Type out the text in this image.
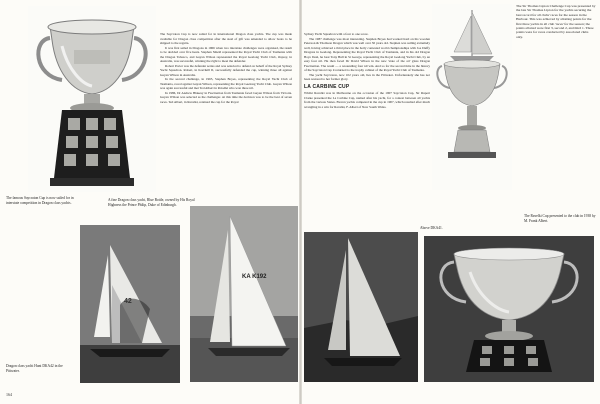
The Saycraton Cup is now sailed for in international Dragon class yachts. The cup was made available for Dragon class competition after the steel of gift was amended to allow boats to be shipped to the regatta.

It was first sailed in Dragons in 1966 when two interstate challenges were organised, the result to be decided over five heats. Stephen Shield represented the Royal Yacht Club of Tasmania with the Dragon Tabasco, and Guyan Wilson represented the Royal Geelong Yacht Club, Osprey, in Australia, was successful, winning the right to meet the defender.

Robert Porter was the defender series and was selected to defend on behalf of the Royal Sydney Yacht Squadron. Robert, in Korrikill II, successfully defended the cup, winning three all against Guyan Wilson in Australia.

In the second challenge, in 1965, Stephen Boyes, representing the Royal Yacht Club of Tasmania, raced against Guyan Wilson, representing the Royal Geelong Yacht Club. Guyan Wilson was again successful and met Ted Albert in Ravelki who won three nil.

In 1986, Dr Andrew Blakesy in Fascination from Tasmania faced Guyan Wilson from Victoria. Guyan Wilson was selected as the challenger. At this time the decision was to be the best of seven races. Ted Albert, in Ravelki, retained the cup for the Royal

The famous Saycraton Cup is now sailed for in interstate competition in Dragon class yachts.
A fine Dragon class yacht, Blue Bottle, owned by His Royal Highness the Prince Philip, Duke of Edinburgh.
42
KA K192
Dragon class yacht Hunt DKA42 in the Pittwater.
164

Sydney Yacht Squadron with a four to one score.

The 1987 challenge was most interesting. Stephen Boyes had worked hard on his wooden Peterson & Thomson Dragon which was well over 30 years old. Stephen was sailing extremely well, having achieved a third place in the hotly contested world championships with Joe Duffy Dragons in Geelong. Representing the Royal Yacht Club of Tasmania, and in his old Dragon Boyo Deal, he beat Tony Bull in St George, representing the Royal Geelong Yacht Club, by an easy four nil. He then faced Dr David Wilson in the new 'state of the art' glass Dragon Fascination. The result — a resounding four nil win. And so for the second time in the history of the Saycraton Cup it returned to the trophy cabinet of the Royal Yacht Club of Tasmania.

The yacht Saycraton, now 102 years old, lies in the Pittwater. Unfortunately she has not been restored to her former glory.

LA CARBINE CUP

Whilst Ravelki was in Melbourne on the occasion of the 1907 Saycraton Cup, Sir Rupert Clarke presented the La Carbine Cup, named after his yacht, for a contest between all yachts from the various States. Eleven yachts competed in the cup in 1907, which resulted after much wrangling in a win for Ravelki, F. Albert of New South Wales.

The Sir Thomas Lipton Challenge Cup was presented by the late Sir Thomas Lipton for the yachts securing the best record for all clubs' races for the season in the Harbour. This was achieved by allotting points for the first three yachts in all club 'races' for the season; the points allotted were first 3, second 2, and third 1. Three points were for races conducted by associated clubs only.
Above DKA41.
The Ravelki Cup presented to the club in 1938 by M. Frank Albert.
